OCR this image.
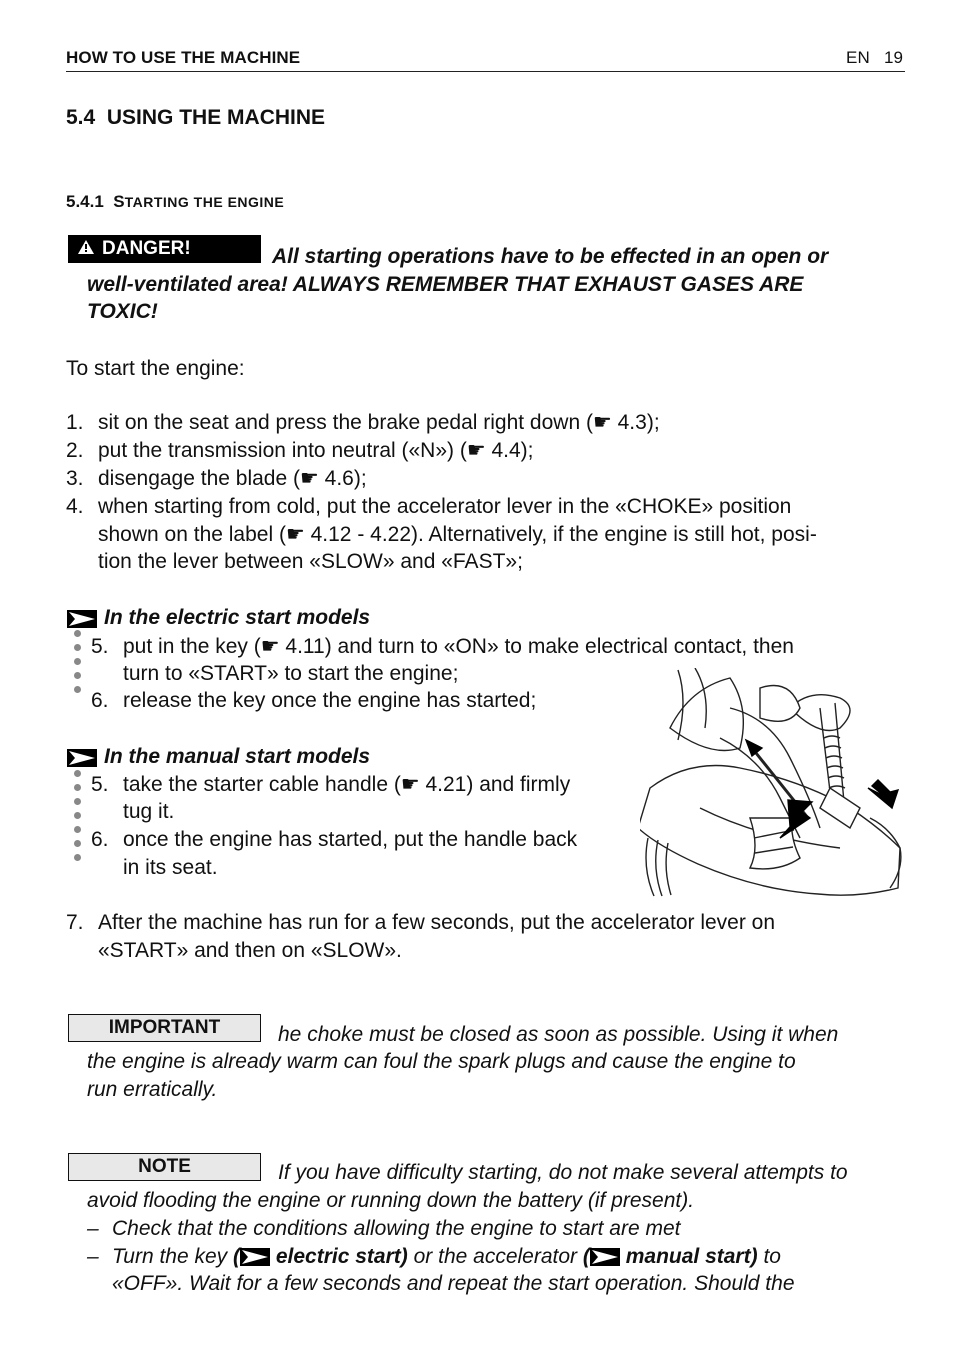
HOW TO USE THE MACHINE	EN 19
5.4 USING THE MACHINE
5.4.1 STARTING THE ENGINE
DANGER!	All starting operations have to be effected in an open or
well-ventilated area! ALWAYS REMEMBER THAT EXHAUST GASES ARE
TOXIC!
To start the engine:
1. sit on the seat and press the brake pedal right down (☛ 4.3);
2. put the transmission into neutral («N») (☛ 4.4);
3. disengage the blade (☛ 4.6);
4. when starting from cold, put the accelerator lever in the «CHOKE» position
shown on the label (☛ 4.12 - 4.22). Alternatively, if the engine is still hot, posi-
tion the lever between «SLOW» and «FAST»;
In the electric start models
5. put in the key (☛ 4.11) and turn to «ON» to make electrical contact, then
turn to «START» to start the engine;
6. release the key once the engine has started;
In the manual start models
5. take the starter cable handle (☛ 4.21) and firmly
tug it.
6. once the engine has started, put the handle back
in its seat.
7. After the machine has run for a few seconds, put the accelerator lever on
«START» and then on «SLOW».
IMPORTANT	he choke must be closed as soon as possible. Using it when
the engine is already warm can foul the spark plugs and cause the engine to
run erratically.
NOTE	If you have difficulty starting, do not make several attempts to
avoid flooding the engine or running down the battery (if present).
– Check that the conditions allowing the engine to start are met
– Turn the key ( electric start) or the accelerator ( manual start) to
«OFF». Wait for a few seconds and repeat the start operation. Should the
